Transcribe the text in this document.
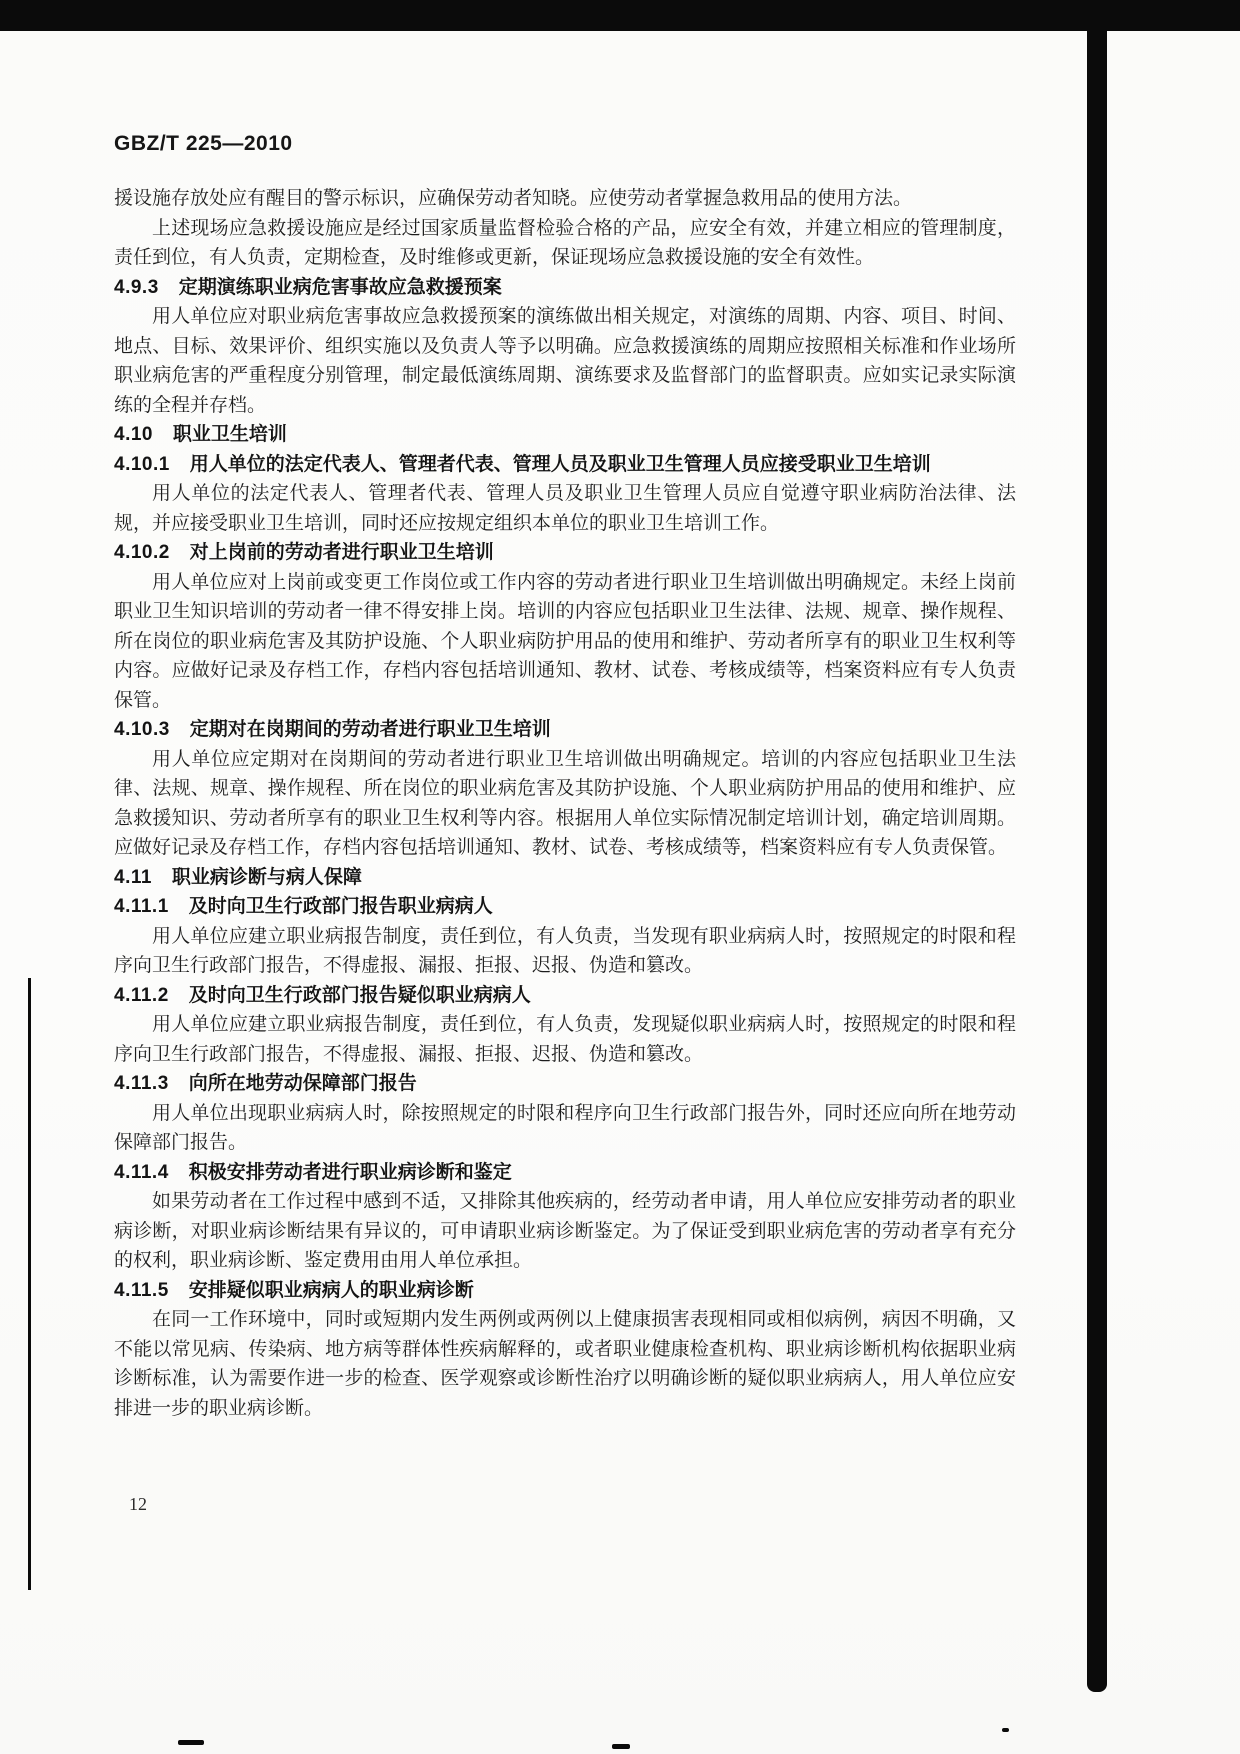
GBZ/T 225—2010

援设施存放处应有醒目的警示标识，应确保劳动者知晓。应使劳动者掌握急救用品的使用方法。

上述现场应急救援设施应是经过国家质量监督检验合格的产品，应安全有效，并建立相应的管理制度，责任到位，有人负责，定期检查，及时维修或更新，保证现场应急救援设施的安全有效性。

4.9.3 定期演练职业病危害事故应急救援预案

用人单位应对职业病危害事故应急救援预案的演练做出相关规定，对演练的周期、内容、项目、时间、地点、目标、效果评价、组织实施以及负责人等予以明确。应急救援演练的周期应按照相关标准和作业场所职业病危害的严重程度分别管理，制定最低演练周期、演练要求及监督部门的监督职责。应如实记录实际演练的全程并存档。

4.10 职业卫生培训
4.10.1 用人单位的法定代表人、管理者代表、管理人员及职业卫生管理人员应接受职业卫生培训

用人单位的法定代表人、管理者代表、管理人员及职业卫生管理人员应自觉遵守职业病防治法律、法规，并应接受职业卫生培训，同时还应按规定组织本单位的职业卫生培训工作。

4.10.2 对上岗前的劳动者进行职业卫生培训

用人单位应对上岗前或变更工作岗位或工作内容的劳动者进行职业卫生培训做出明确规定。未经上岗前职业卫生知识培训的劳动者一律不得安排上岗。培训的内容应包括职业卫生法律、法规、规章、操作规程、所在岗位的职业病危害及其防护设施、个人职业病防护用品的使用和维护、劳动者所享有的职业卫生权利等内容。应做好记录及存档工作，存档内容包括培训通知、教材、试卷、考核成绩等，档案资料应有专人负责保管。

4.10.3 定期对在岗期间的劳动者进行职业卫生培训

用人单位应定期对在岗期间的劳动者进行职业卫生培训做出明确规定。培训的内容应包括职业卫生法律、法规、规章、操作规程、所在岗位的职业病危害及其防护设施、个人职业病防护用品的使用和维护、应急救援知识、劳动者所享有的职业卫生权利等内容。根据用人单位实际情况制定培训计划，确定培训周期。应做好记录及存档工作，存档内容包括培训通知、教材、试卷、考核成绩等，档案资料应有专人负责保管。

4.11 职业病诊断与病人保障
4.11.1 及时向卫生行政部门报告职业病病人

用人单位应建立职业病报告制度，责任到位，有人负责，当发现有职业病病人时，按照规定的时限和程序向卫生行政部门报告，不得虚报、漏报、拒报、迟报、伪造和篡改。

4.11.2 及时向卫生行政部门报告疑似职业病病人

用人单位应建立职业病报告制度，责任到位，有人负责，发现疑似职业病病人时，按照规定的时限和程序向卫生行政部门报告，不得虚报、漏报、拒报、迟报、伪造和篡改。

4.11.3 向所在地劳动保障部门报告

用人单位出现职业病病人时，除按照规定的时限和程序向卫生行政部门报告外，同时还应向所在地劳动保障部门报告。

4.11.4 积极安排劳动者进行职业病诊断和鉴定

如果劳动者在工作过程中感到不适，又排除其他疾病的，经劳动者申请，用人单位应安排劳动者的职业病诊断，对职业病诊断结果有异议的，可申请职业病诊断鉴定。为了保证受到职业病危害的劳动者享有充分的权利，职业病诊断、鉴定费用由用人单位承担。

4.11.5 安排疑似职业病病人的职业病诊断

在同一工作环境中，同时或短期内发生两例或两例以上健康损害表现相同或相似病例，病因不明确，又不能以常见病、传染病、地方病等群体性疾病解释的，或者职业健康检查机构、职业病诊断机构依据职业病诊断标准，认为需要作进一步的检查、医学观察或诊断性治疗以明确诊断的疑似职业病病人，用人单位应安排进一步的职业病诊断。

12
